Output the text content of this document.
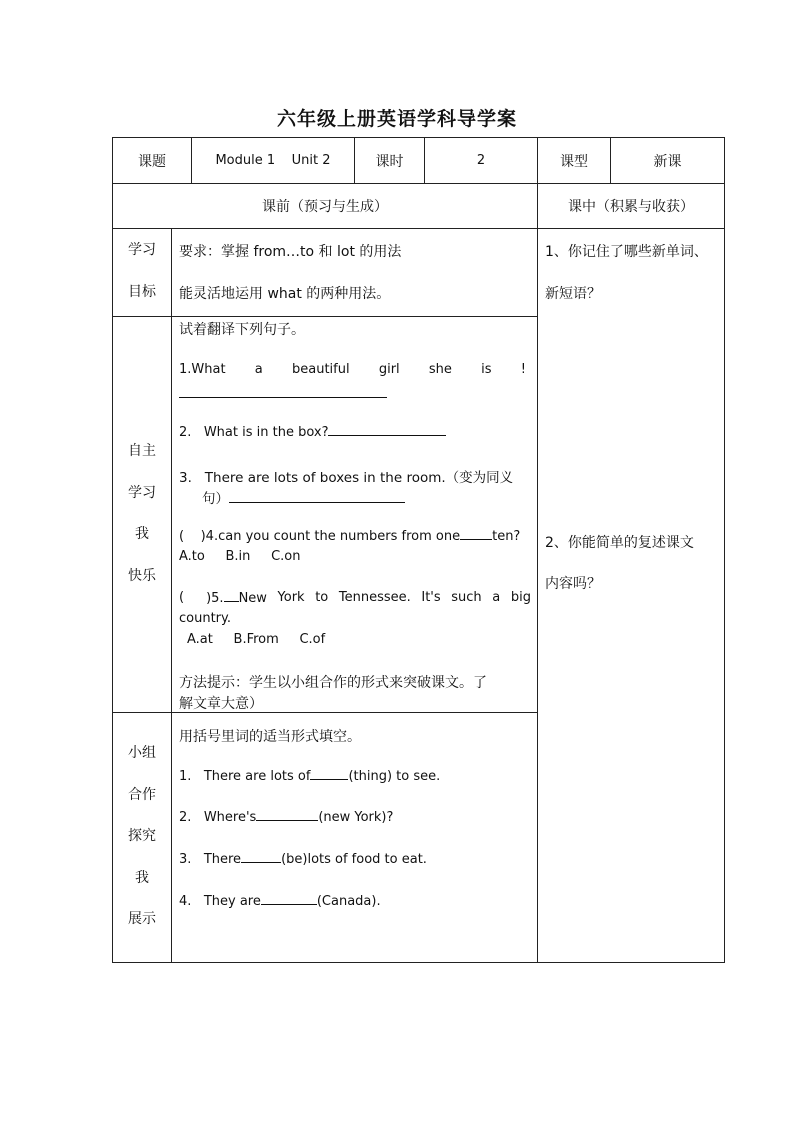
六年级上册英语学科导学案
课题	Module 1    Unit 2	课时	2	课型	新课
课前（预习与生成）	课中（积累与收获）
学习
目标
要求：掌握 from…to 和 lot 的用法
能灵活地运用 what 的两种用法。
自主
学习
我
快乐
试着翻译下列句子。
1.What a beautiful girl she is !
2. What is in the box?
3. There are lots of boxes in the room.（变为同义
句）
( )4.can you count the numbers from one ten?
A.to     B.in     C.on
( )5. New York to Tennessee. It's such a big
country.
A.at     B.From     C.of
方法提示：学生以小组合作的形式来突破课文。了
解文章大意）
小组
合作
探究
我
展示
用括号里词的适当形式填空。
1. There are lots of	(thing) to see.
2. Where's	(new York)?
3. There	(be)lots of food to eat.
4. They are	(Canada).
1、你记住了哪些新单词、
新短语？
2、你能简单的复述课文
内容吗？
